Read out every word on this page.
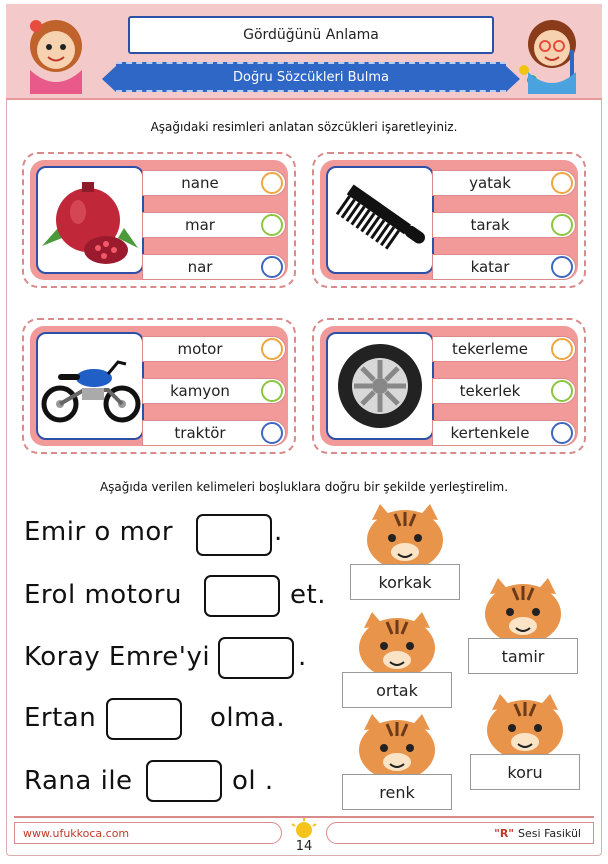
Gördüğünü Anlama
Doğru Sözcükleri Bulma
Aşağıdaki resimleri anlatan sözcükleri işaretleyiniz.
nane
mar
nar
yatak
tarak
katar
motor
kamyon
traktör
tekerleme
tekerlek
kertenkele
Aşağıda verilen kelimeleri boşluklara doğru bir şekilde yerleştirelim.
Emir o mor	.
Erol motoru	et.
Koray Emre'yi	.
Ertan	olma.
Rana ile	ol .
korkak
tamir
ortak
koru
renk
www.ufukkoca.com
14
"R" Sesi Fasikül
